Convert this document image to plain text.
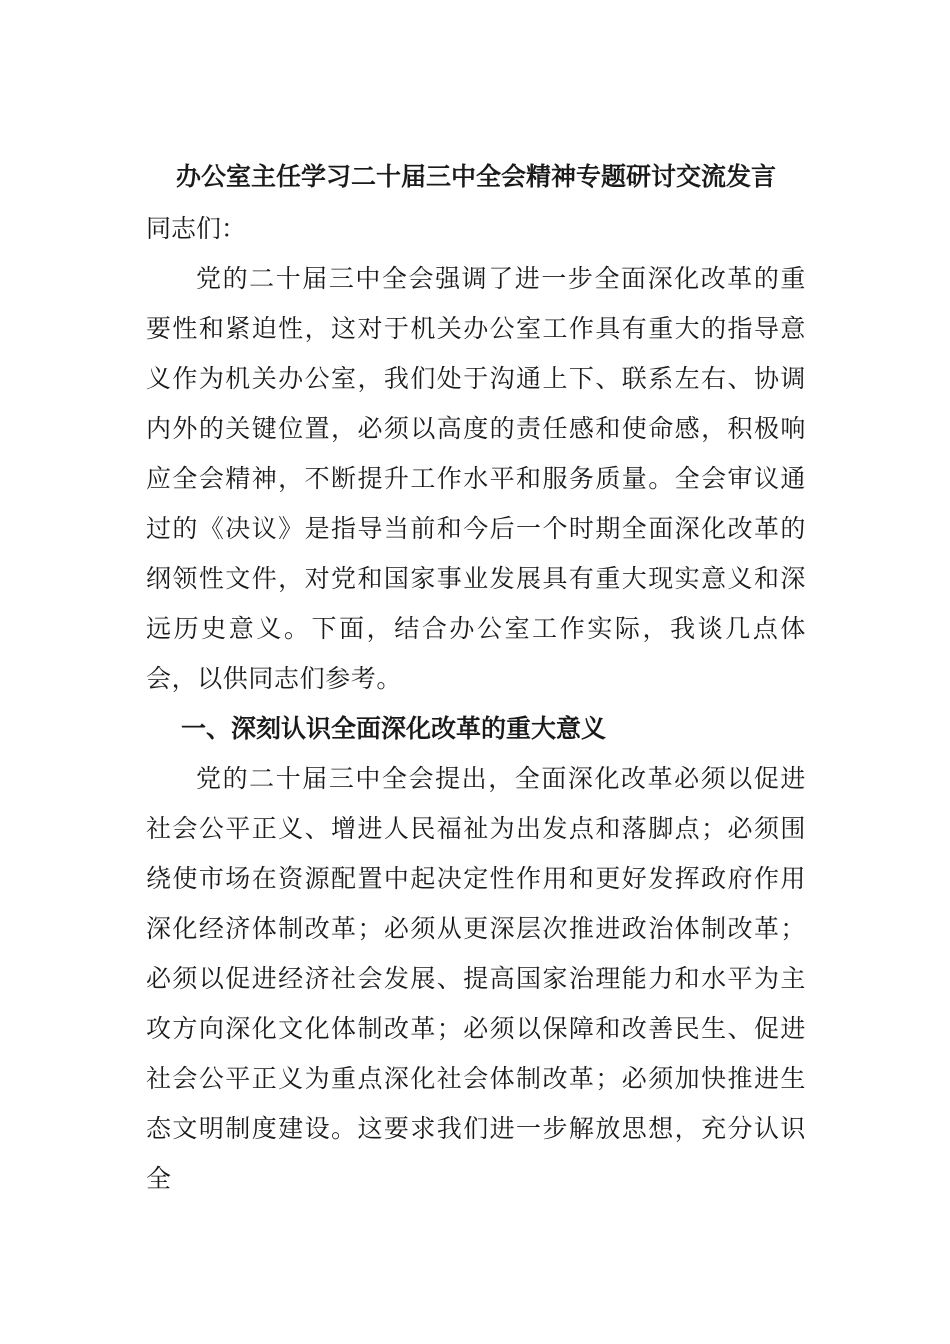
办公室主任学习二十届三中全会精神专题研讨交流发言

同志们：

党的二十届三中全会强调了进一步全面深化改革的重要性和紧迫性，这对于机关办公室工作具有重大的指导意义作为机关办公室，我们处于沟通上下、联系左右、协调内外的关键位置，必须以高度的责任感和使命感，积极响应全会精神，不断提升工作水平和服务质量。全会审议通过的《决议》是指导当前和今后一个时期全面深化改革的纲领性文件，对党和国家事业发展具有重大现实意义和深远历史意义。下面，结合办公室工作实际，我谈几点体会，以供同志们参考。

一、深刻认识全面深化改革的重大意义

党的二十届三中全会提出，全面深化改革必须以促进社会公平正义、增进人民福祉为出发点和落脚点；必须围绕使市场在资源配置中起决定性作用和更好发挥政府作用深化经济体制改革；必须从更深层次推进政治体制改革；必须以促进经济社会发展、提高国家治理能力和水平为主攻方向深化文化体制改革；必须以保障和改善民生、促进社会公平正义为重点深化社会体制改革；必须加快推进生态文明制度建设。这要求我们进一步解放思想，充分认识全
